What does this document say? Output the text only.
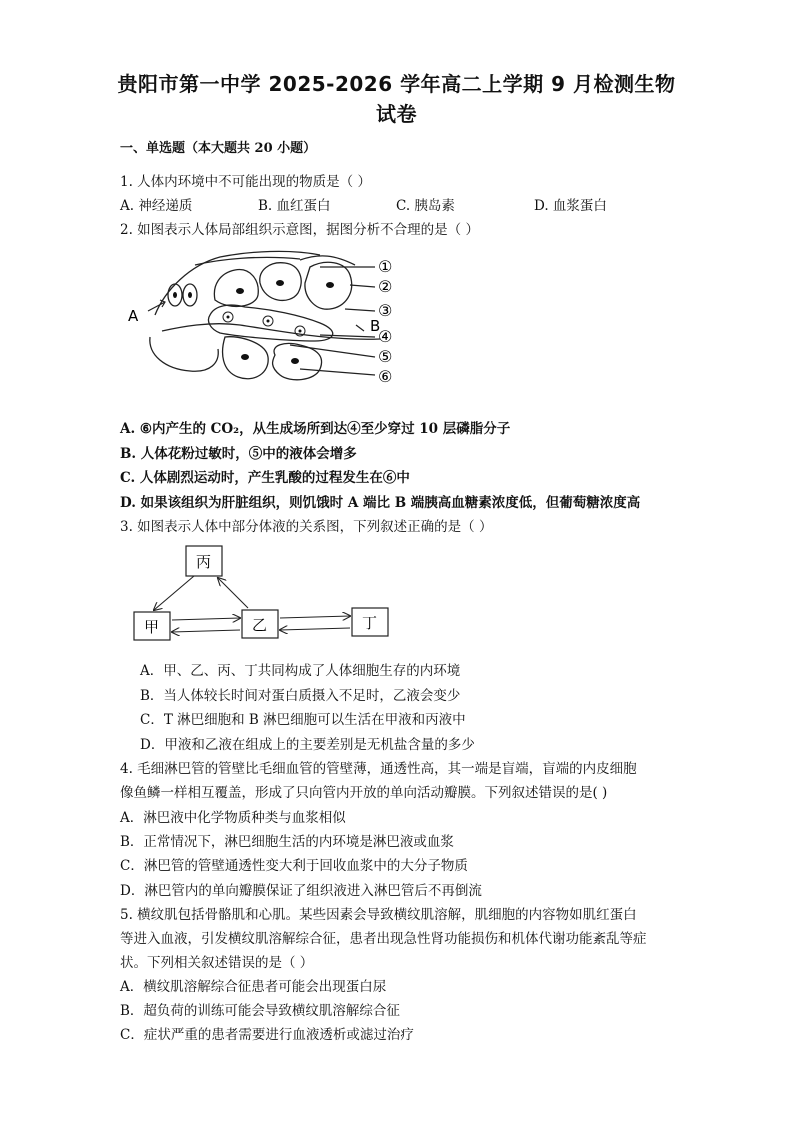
贵阳市第一中学 2025-2026 学年高二上学期 9 月检测生物
试卷
一、单选题（本大题共 20 小题）
1. 人体内环境中不可能出现的物质是（ ）
A. 神经递质	B. 血红蛋白	C. 胰岛素	D. 血浆蛋白
2. 如图表示人体局部组织示意图，据图分析不合理的是（ ）
A
B
①
②
③
④
⑤
⑥
A. ⑥内产生的 CO₂，从生成场所到达④至少穿过 10 层磷脂分子
B. 人体花粉过敏时，⑤中的液体会增多
C. 人体剧烈运动时，产生乳酸的过程发生在⑥中
D. 如果该组织为肝脏组织，则饥饿时 A 端比 B 端胰高血糖素浓度低，但葡萄糖浓度高
3. 如图表示人体中部分体液的关系图，下列叙述正确的是（ ）
丙
甲	乙	丁
A．甲、乙、丙、丁共同构成了人体细胞生存的内环境
B．当人体较长时间对蛋白质摄入不足时，乙液会变少
C．T 淋巴细胞和 B 淋巴细胞可以生活在甲液和丙液中
D．甲液和乙液在组成上的主要差别是无机盐含量的多少
4. 毛细淋巴管的管壁比毛细血管的管壁薄，通透性高，其一端是盲端，盲端的内皮细胞
像鱼鳞一样相互覆盖，形成了只向管内开放的单向活动瓣膜。下列叙述错误的是( )
A．淋巴液中化学物质种类与血浆相似
B．正常情况下，淋巴细胞生活的内环境是淋巴液或血浆
C．淋巴管的管壁通透性变大利于回收血浆中的大分子物质
D．淋巴管内的单向瓣膜保证了组织液进入淋巴管后不再倒流
5. 横纹肌包括骨骼肌和心肌。某些因素会导致横纹肌溶解，肌细胞的内容物如肌红蛋白
等进入血液，引发横纹肌溶解综合征，患者出现急性肾功能损伤和机体代谢功能紊乱等症
状。下列相关叙述错误的是（ ）
A．横纹肌溶解综合征患者可能会出现蛋白尿
B．超负荷的训练可能会导致横纹肌溶解综合征
C．症状严重的患者需要进行血液透析或滤过治疗
